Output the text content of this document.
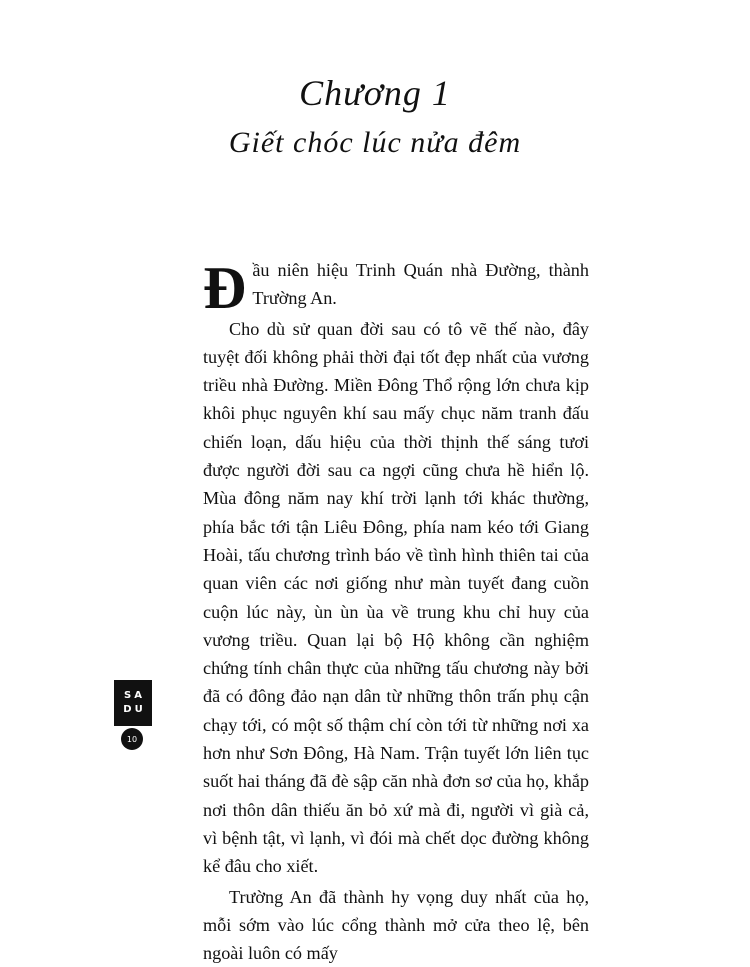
Chương 1
Giết chóc lúc nửa đêm

Đầu niên hiệu Trinh Quán nhà Đường, thành Trường An.

Cho dù sử quan đời sau có tô vẽ thế nào, đây tuyệt đối không phải thời đại tốt đẹp nhất của vương triều nhà Đường. Miền Đông Thổ rộng lớn chưa kịp khôi phục nguyên khí sau mấy chục năm tranh đấu chiến loạn, dấu hiệu của thời thịnh thế sáng tươi được người đời sau ca ngợi cũng chưa hề hiển lộ. Mùa đông năm nay khí trời lạnh tới khác thường, phía bắc tới tận Liêu Đông, phía nam kéo tới Giang Hoài, tấu chương trình báo về tình hình thiên tai của quan viên các nơi giống như màn tuyết đang cuồn cuộn lúc này, ùn ùn ùa về trung khu chỉ huy của vương triều. Quan lại bộ Hộ không cần nghiệm chứng tính chân thực của những tấu chương này bởi đã có đông đảo nạn dân từ những thôn trấn phụ cận chạy tới, có một số thậm chí còn tới từ những nơi xa hơn như Sơn Đông, Hà Nam. Trận tuyết lớn liên tục suốt hai tháng đã đè sập căn nhà đơn sơ của họ, khắp nơi thôn dân thiếu ăn bỏ xứ mà đi, người vì già cả, vì bệnh tật, vì lạnh, vì đói mà chết dọc đường không kể đâu cho xiết.

Trường An đã thành hy vọng duy nhất của họ, mỗi sớm vào lúc cổng thành mở cửa theo lệ, bên ngoài luôn có mấy

SA
DU
10
